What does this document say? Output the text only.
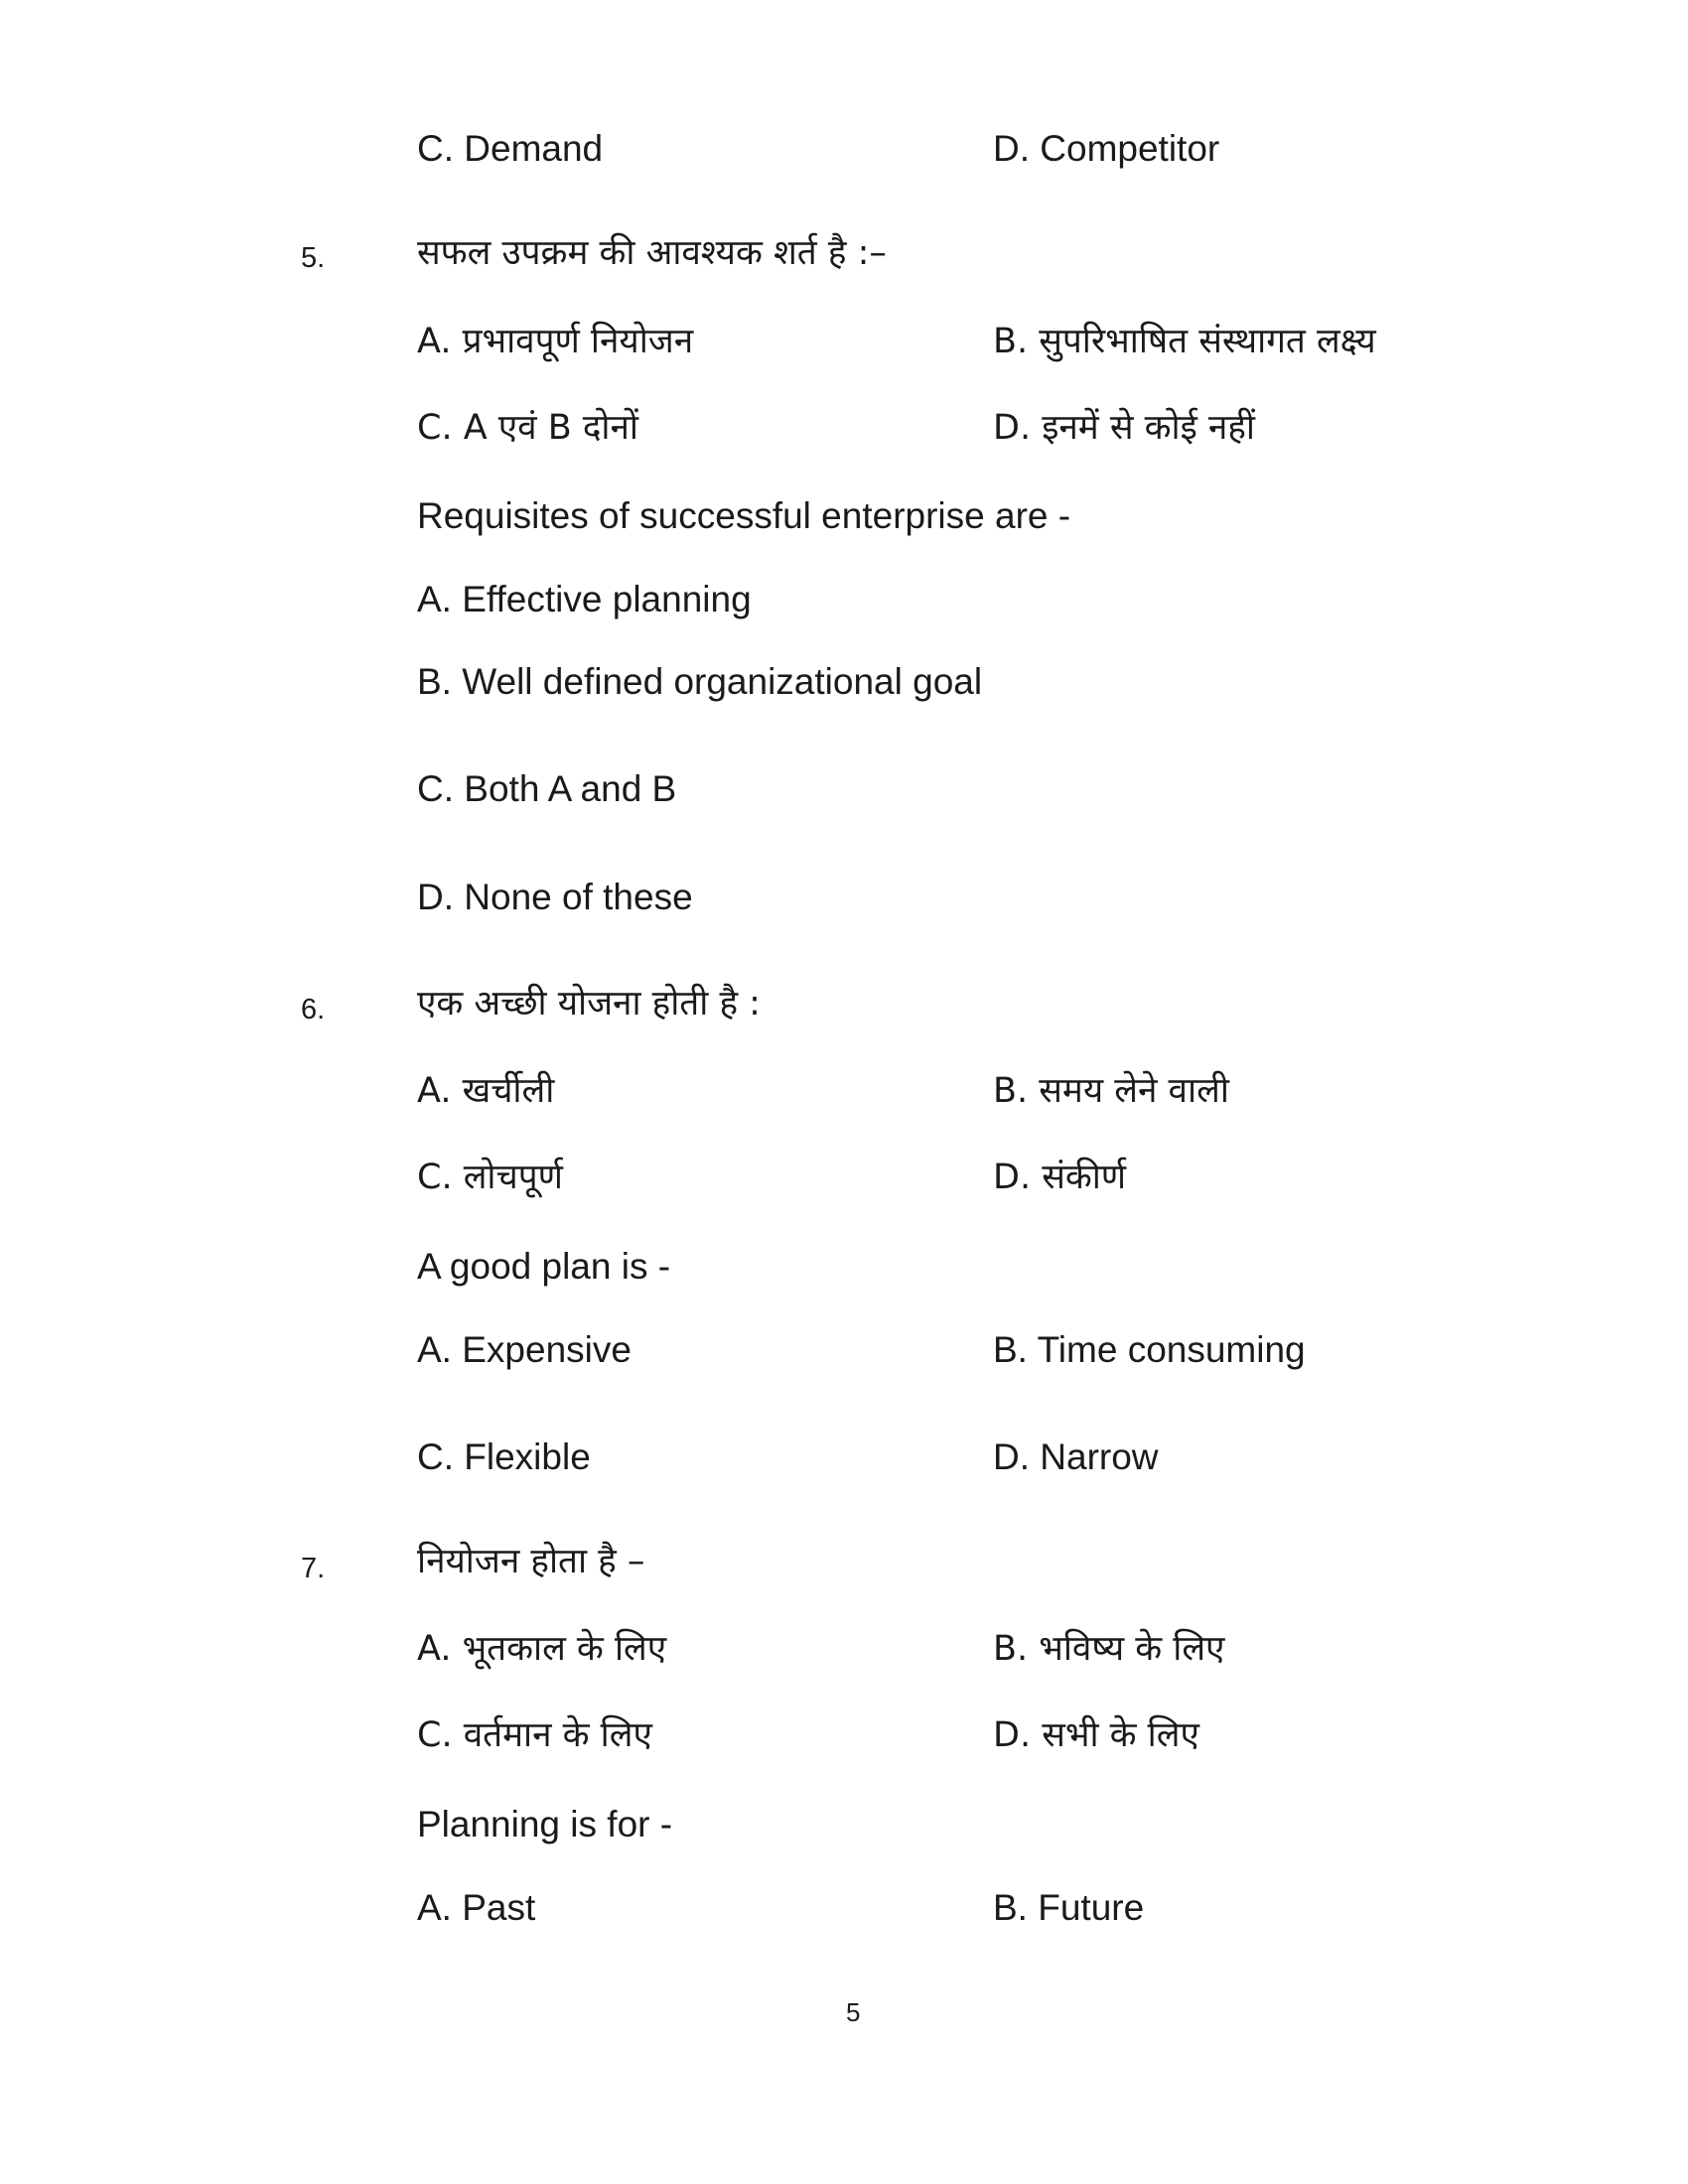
C. Demand	D. Competitor
5.	सफल उपक्रम की आवश्यक शर्त है :–
A. प्रभावपूर्ण नियोजन	B. सुपरिभाषित संस्थागत लक्ष्य
C. A एवं B दोनों	D. इनमें से कोई नहीं
Requisites of successful enterprise are -
A. Effective planning
B. Well defined organizational goal
C. Both A and B
D. None of these
6.	एक अच्छी योजना होती है :
A. खर्चीली	B. समय लेने वाली
C. लोचपूर्ण	D. संकीर्ण
A good plan is -
A. Expensive	B. Time consuming
C. Flexible	D. Narrow
7.	नियोजन होता है –
A. भूतकाल के लिए	B. भविष्य के लिए
C. वर्तमान के लिए	D. सभी के लिए
Planning is for -
A. Past	B. Future
5
